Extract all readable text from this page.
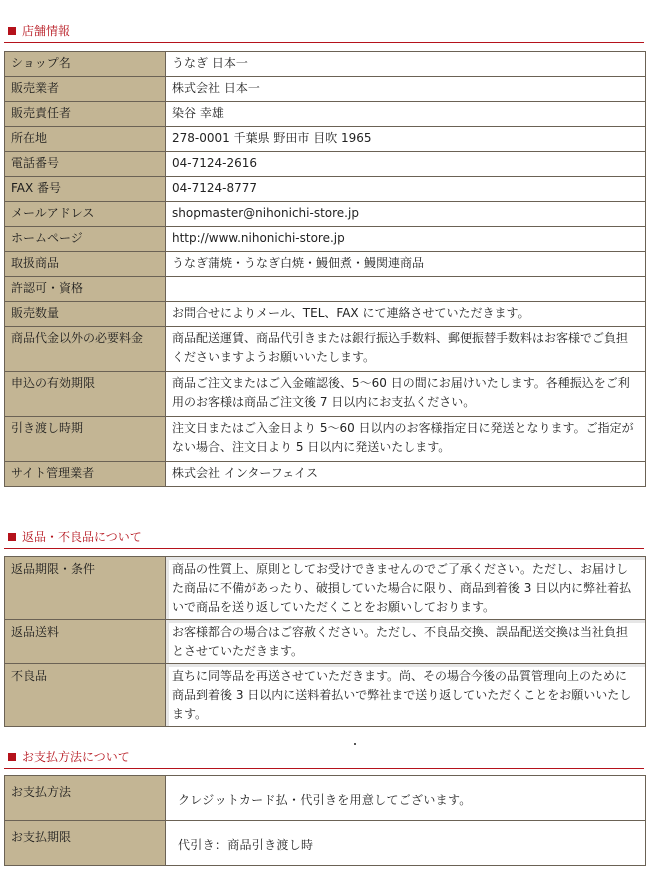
店舗情報
ショップ名	うなぎ 日本一
販売業者	株式会社 日本一
販売責任者	染谷 幸雄
所在地	278-0001 千葉県 野田市 目吹 1965
電話番号	04-7124-2616
FAX 番号	04-7124-8777
メールアドレス	shopmaster@nihonichi-store.jp
ホームページ	http://www.nihonichi-store.jp
取扱商品	うなぎ蒲焼・うなぎ白焼・鰻佃煮・鰻関連商品
許認可・資格	
販売数量	お問合せによりメール、TEL、FAX にて連絡させていただきます。
商品代金以外の必要料金	商品配送運賃、商品代引きまたは銀行振込手数料、郵便振替手数料はお客様でご負担くださいますようお願いいたします。
申込の有効期限	商品ご注文またはご入金確認後、5～60 日の間にお届けいたします。各種振込をご利用のお客様は商品ご注文後 7 日以内にお支払ください。
引き渡し時期	注文日またはご入金日より 5～60 日以内のお客様指定日に発送となります。ご指定がない場合、注文日より 5 日以内に発送いたします。
サイト管理業者	株式会社 インターフェイス
返品・不良品について
返品期限・条件	商品の性質上、原則としてお受けできませんのでご了承ください。ただし、お届けした商品に不備があったり、破損していた場合に限り、商品到着後 3 日以内に弊社着払いで商品を送り返していただくことをお願いしております。
返品送料	お客様都合の場合はご容赦ください。ただし、不良品交換、誤品配送交換は当社負担とさせていただきます。
不良品	直ちに同等品を再送させていただきます。尚、その場合今後の品質管理向上のために商品到着後 3 日以内に送料着払いで弊社まで送り返していただくことをお願いいたします。
お支払方法について
お支払方法	クレジットカード払・代引きを用意してございます。
お支払期限	代引き：商品引き渡し時
